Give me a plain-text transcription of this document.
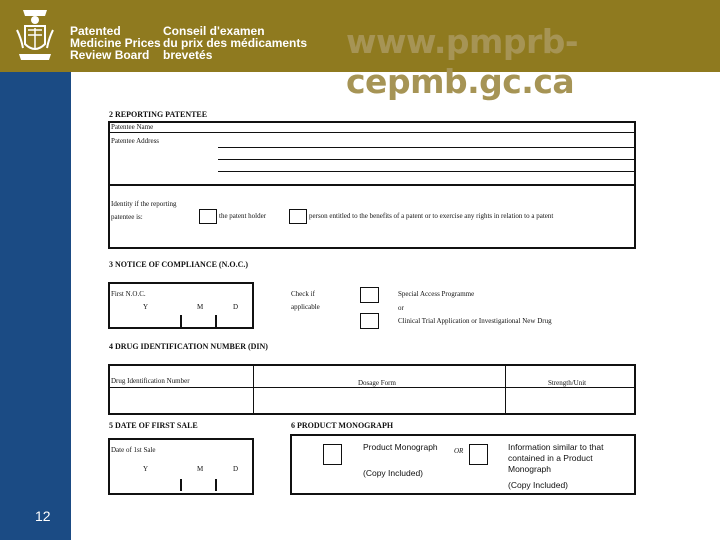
Patented
Medicine Prices
Review Board
Conseil d'examen
du prix des médicaments
brevetés	www.pmprb-cepmb.gc.ca
12
2 REPORTING PATENTEE
Patentee Name
Patentee Address
Identity if the reporting
patentee is:	the patent holder	person entitled to the benefits of a patent or to exercise any rights in relation to a patent
3 NOTICE OF COMPLIANCE (N.O.C.)
First N.O.C.
Y	M	D
Check if
applicable
Special Access Programme
or
Clinical Trial Application or Investigational New Drug
4 DRUG IDENTIFICATION NUMBER (DIN)
Drug Identification Number	Dosage Form	Strength/Unit
5 DATE OF FIRST SALE
Date of 1st Sale
Y	M	D
6 PRODUCT MONOGRAPH
Product Monograph
(Copy Included)
OR	Information similar to that
contained in a Product
Monograph
(Copy Included)
